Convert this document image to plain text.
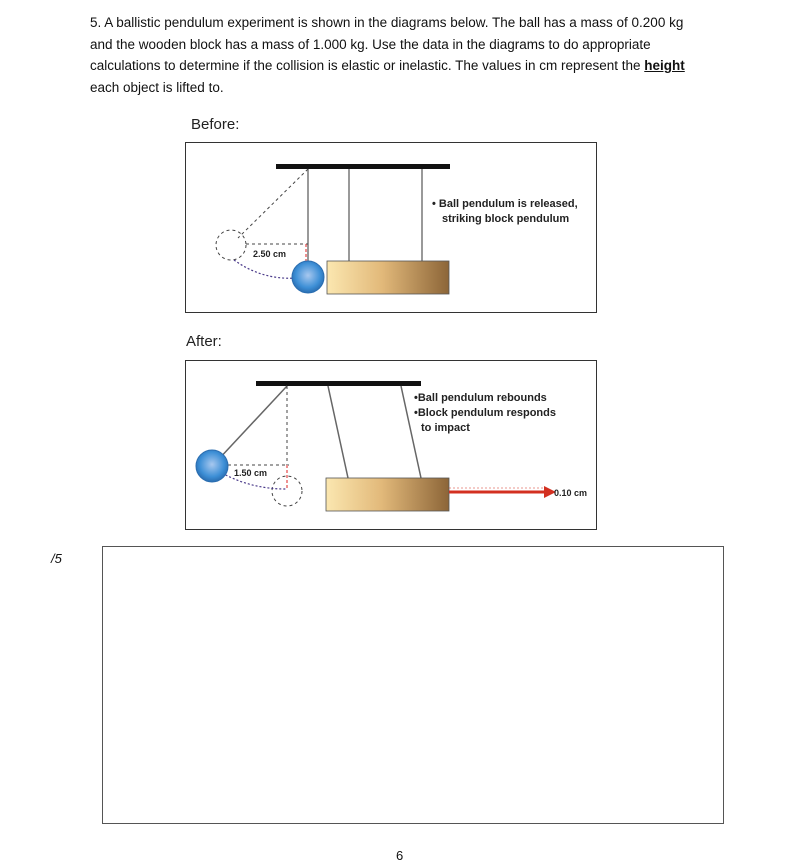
5. A ballistic pendulum experiment is shown in the diagrams below. The ball has a mass of 0.200 kg and the wooden block has a mass of 1.000 kg. Use the data in the diagrams to do appropriate calculations to determine if the collision is elastic or inelastic. The values in cm represent the height each object is lifted to.
Before:
2.50 cm
• Ball pendulum is released,
striking block pendulum
After:
1.50 cm
0.10 cm
•Ball pendulum rebounds
•Block pendulum responds
to impact
/5
6
